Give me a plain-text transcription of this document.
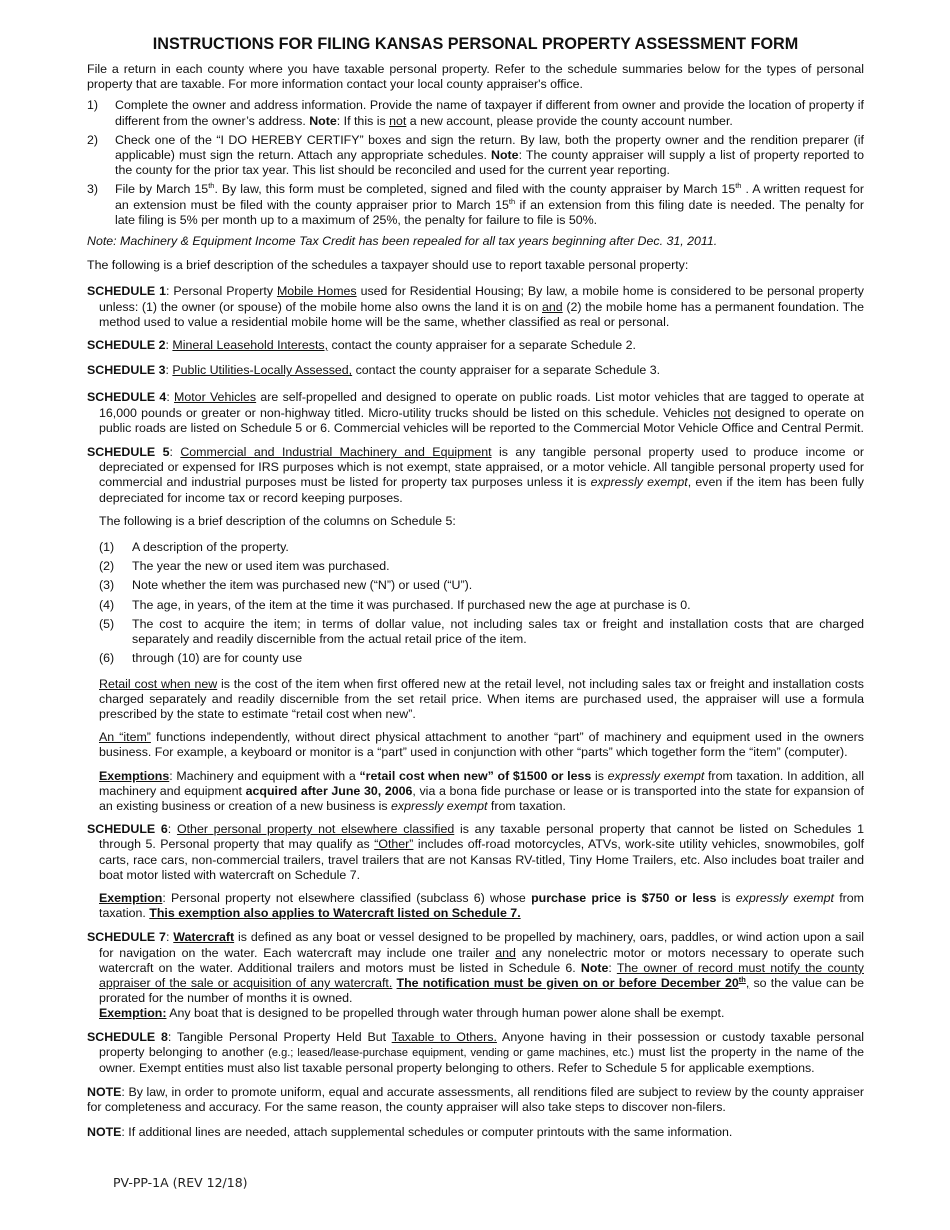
INSTRUCTIONS FOR FILING KANSAS PERSONAL PROPERTY ASSESSMENT FORM

File a return in each county where you have taxable personal property. Refer to the schedule summaries below for the types of personal property that are taxable. For more information contact your local county appraiser's office.

1)	Complete the owner and address information. Provide the name of taxpayer if different from owner and provide the location of property if different from the owner’s address. Note: If this is not a new account, please provide the county account number.
2)	Check one of the “I DO HEREBY CERTIFY” boxes and sign the return. By law, both the property owner and the rendition preparer (if applicable) must sign the return. Attach any appropriate schedules. Note: The county appraiser will supply a list of property reported to the county for the prior tax year. This list should be reconciled and used for the current year reporting.
3)	File by March 15th. By law, this form must be completed, signed and filed with the county appraiser by March 15th . A written request for an extension must be filed with the county appraiser prior to March 15th if an extension from this filing date is needed. The penalty for late filing is 5% per month up to a maximum of 25%, the penalty for failure to file is 50%.

Note: Machinery & Equipment Income Tax Credit has been repealed for all tax years beginning after Dec. 31, 2011.

The following is a brief description of the schedules a taxpayer should use to report taxable personal property:

SCHEDULE 1: Personal Property Mobile Homes used for Residential Housing; By law, a mobile home is considered to be personal property unless: (1) the owner (or spouse) of the mobile home also owns the land it is on and (2) the mobile home has a permanent foundation. The method used to value a residential mobile home will be the same, whether classified as real or personal.

SCHEDULE 2: Mineral Leasehold Interests, contact the county appraiser for a separate Schedule 2.

SCHEDULE 3: Public Utilities-Locally Assessed, contact the county appraiser for a separate Schedule 3.

SCHEDULE 4: Motor Vehicles are self-propelled and designed to operate on public roads. List motor vehicles that are tagged to operate at 16,000 pounds or greater or non-highway titled. Micro-utility trucks should be listed on this schedule. Vehicles not designed to operate on public roads are listed on Schedule 5 or 6. Commercial vehicles will be reported to the Commercial Motor Vehicle Office and Central Permit.

SCHEDULE 5: Commercial and Industrial Machinery and Equipment is any tangible personal property used to produce income or depreciated or expensed for IRS purposes which is not exempt, state appraised, or a motor vehicle. All tangible personal property used for commercial and industrial purposes must be listed for property tax purposes unless it is expressly exempt, even if the item has been fully depreciated for income tax or record keeping purposes.

The following is a brief description of the columns on Schedule 5:

(1)	A description of the property.
(2)	The year the new or used item was purchased.
(3)	Note whether the item was purchased new (“N”) or used (“U”).
(4)	The age, in years, of the item at the time it was purchased. If purchased new the age at purchase is 0.
(5)	The cost to acquire the item; in terms of dollar value, not including sales tax or freight and installation costs that are charged separately and readily discernible from the actual retail price of the item.
(6)	through (10) are for county use

Retail cost when new is the cost of the item when first offered new at the retail level, not including sales tax or freight and installation costs charged separately and readily discernible from the set retail price. When items are purchased used, the appraiser will use a formula prescribed by the state to estimate “retail cost when new”.

An “item” functions independently, without direct physical attachment to another “part” of machinery and equipment used in the owners business. For example, a keyboard or monitor is a “part” used in conjunction with other “parts” which together form the “item” (computer).

Exemptions: Machinery and equipment with a “retail cost when new” of $1500 or less is expressly exempt from taxation. In addition, all machinery and equipment acquired after June 30, 2006, via a bona fide purchase or lease or is transported into the state for expansion of an existing business or creation of a new business is expressly exempt from taxation.

SCHEDULE 6: Other personal property not elsewhere classified is any taxable personal property that cannot be listed on Schedules 1 through 5. Personal property that may qualify as “Other” includes off-road motorcycles, ATVs, work-site utility vehicles, snowmobiles, golf carts, race cars, non-commercial trailers, travel trailers that are not Kansas RV-titled, Tiny Home Trailers, etc. Also includes boat trailer and boat motor listed with watercraft on Schedule 7.

Exemption: Personal property not elsewhere classified (subclass 6) whose purchase price is $750 or less is expressly exempt from taxation. This exemption also applies to Watercraft listed on Schedule 7.

SCHEDULE 7: Watercraft is defined as any boat or vessel designed to be propelled by machinery, oars, paddles, or wind action upon a sail for navigation on the water. Each watercraft may include one trailer and any nonelectric motor or motors necessary to operate such watercraft on the water. Additional trailers and motors must be listed in Schedule 6. Note: The owner of record must notify the county appraiser of the sale or acquisition of any watercraft. The notification must be given on or before December 20th, so the value can be prorated for the number of months it is owned.

Exemption: Any boat that is designed to be propelled through water through human power alone shall be exempt.

SCHEDULE 8: Tangible Personal Property Held But Taxable to Others. Anyone having in their possession or custody taxable personal property belonging to another (e.g.; leased/lease-purchase equipment, vending or game machines, etc.) must list the property in the name of the owner. Exempt entities must also list taxable personal property belonging to others. Refer to Schedule 5 for applicable exemptions.

NOTE: By law, in order to promote uniform, equal and accurate assessments, all renditions filed are subject to review by the county appraiser for completeness and accuracy. For the same reason, the county appraiser will also take steps to discover non-filers.

NOTE: If additional lines are needed, attach supplemental schedules or computer printouts with the same information.

PV-PP-1A (REV 12/18)
